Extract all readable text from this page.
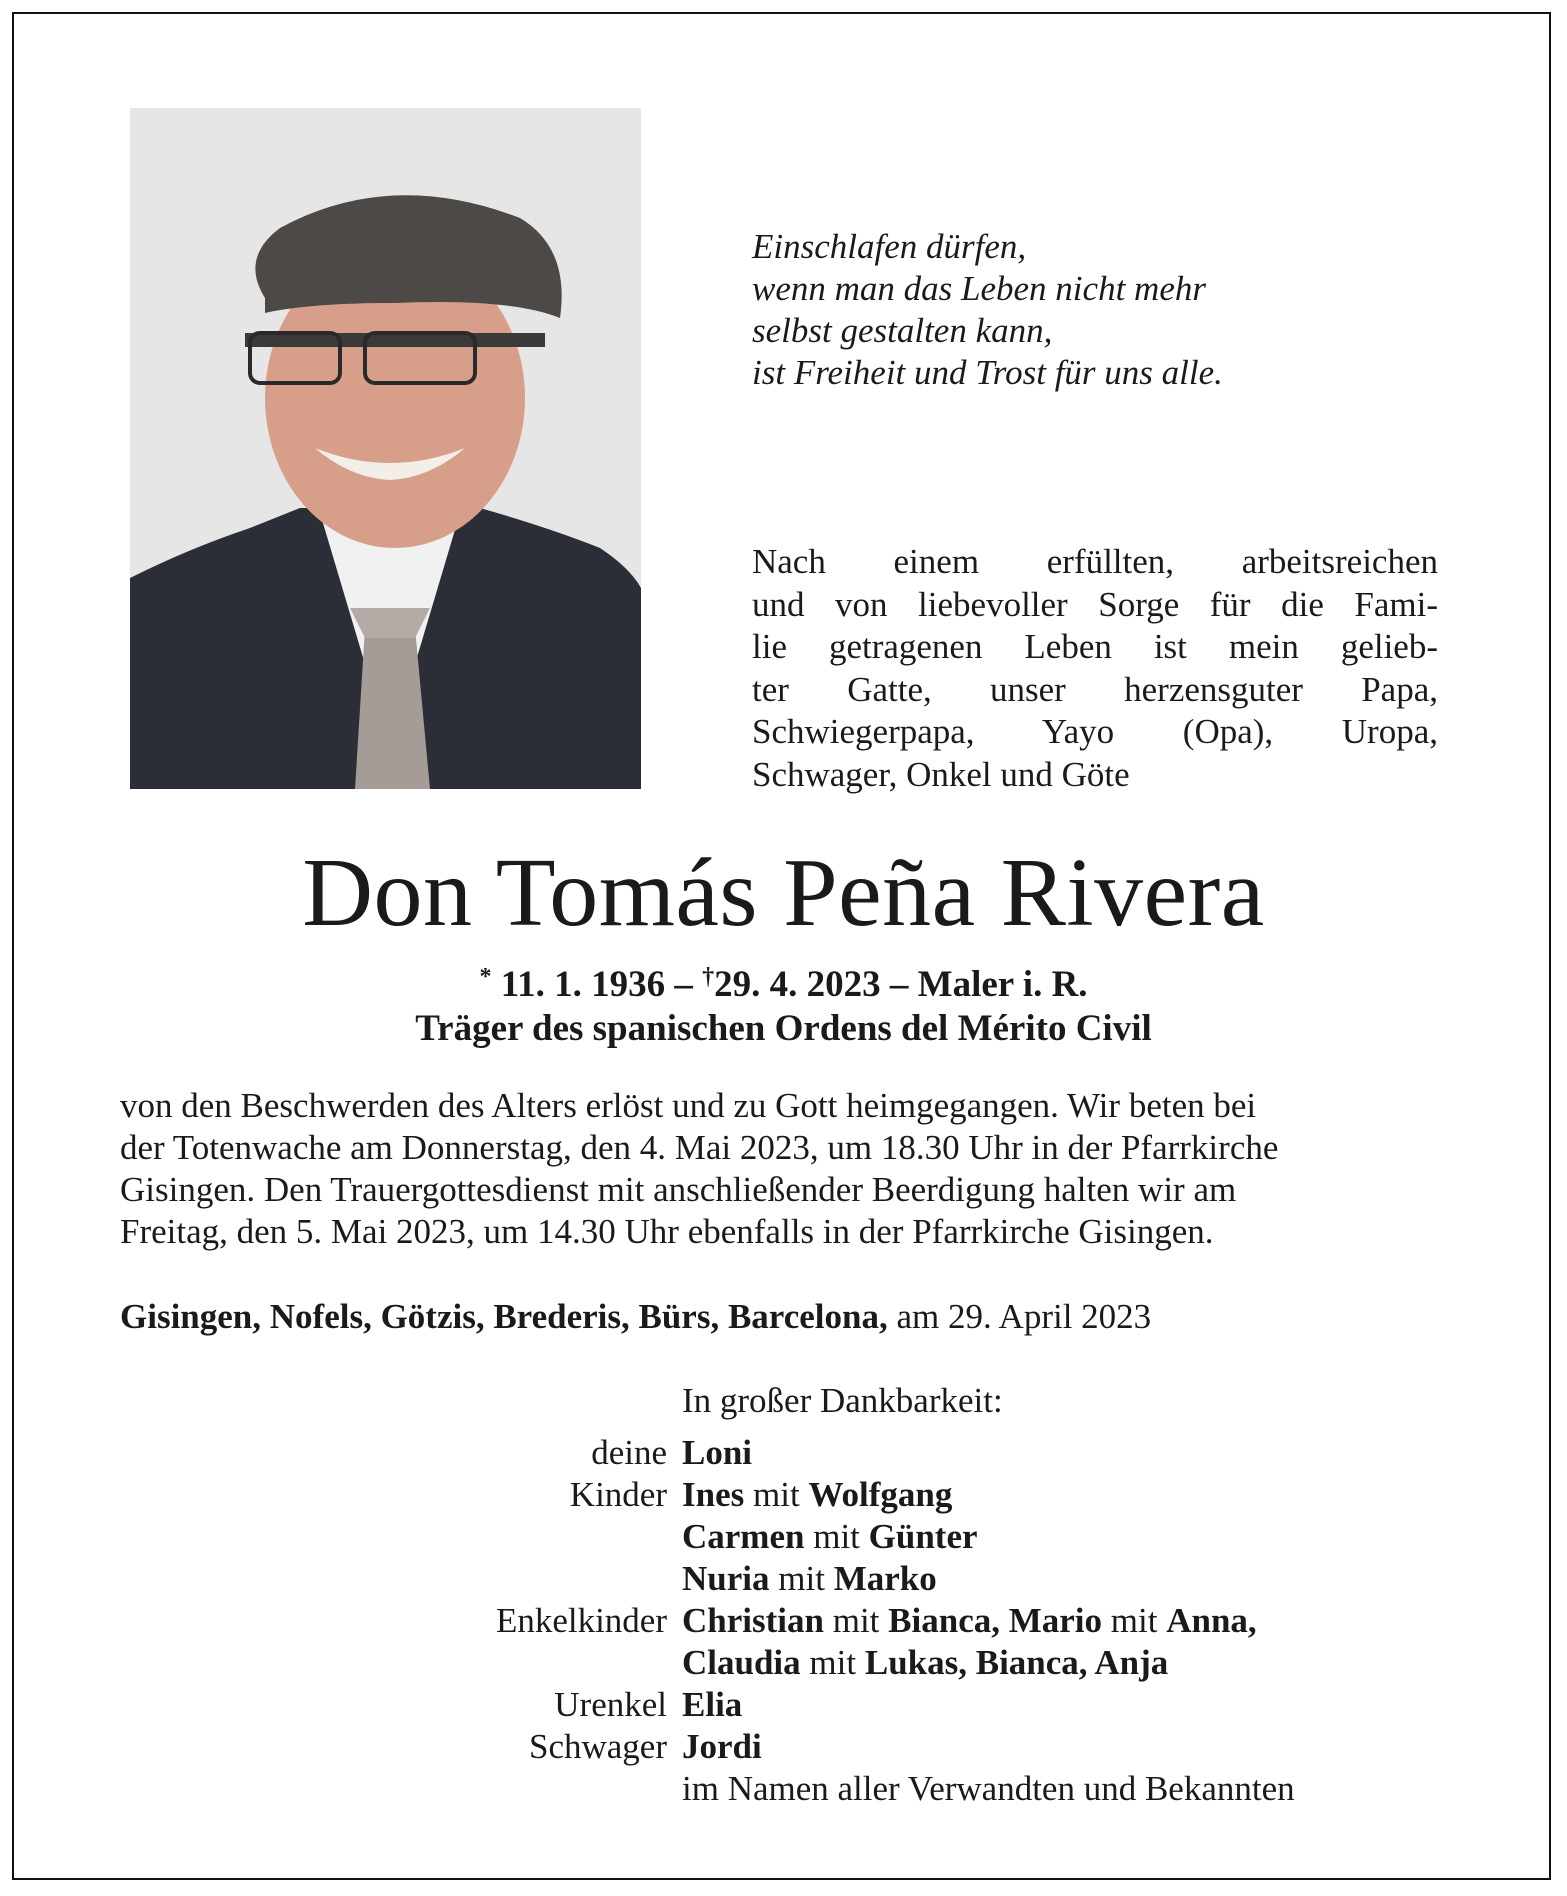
Einschlafen dürfen,
wenn man das Leben nicht mehr
selbst gestalten kann,
ist Freiheit und Trost für uns alle.
Nach einem erfüllten, arbeitsreichen
und von liebevoller Sorge für die Fami-
lie getragenen Leben ist mein gelieb-
ter Gatte, unser herzensguter Papa,
Schwiegerpapa, Yayo (Opa), Uropa,
Schwager, Onkel und Göte
Don Tomás Peña Rivera
* 11. 1. 1936 – †29. 4. 2023 – Maler i. R.
Träger des spanischen Ordens del Mérito Civil
von den Beschwerden des Alters erlöst und zu Gott heimgegangen. Wir beten bei
der Totenwache am Donnerstag, den 4. Mai 2023, um 18.30 Uhr in der Pfarrkirche
Gisingen. Den Trauergottesdienst mit anschließender Beerdigung halten wir am
Freitag, den 5. Mai 2023, um 14.30 Uhr ebenfalls in der Pfarrkirche Gisingen.
Gisingen, Nofels, Götzis, Brederis, Bürs, Barcelona, am 29. April 2023
In großer Dankbarkeit:
deine Loni
Kinder Ines mit Wolfgang
Carmen mit Günter
Nuria mit Marko
Enkelkinder Christian mit Bianca, Mario mit Anna,
Claudia mit Lukas, Bianca, Anja
Urenkel Elia
Schwager Jordi
im Namen aller Verwandten und Bekannten
